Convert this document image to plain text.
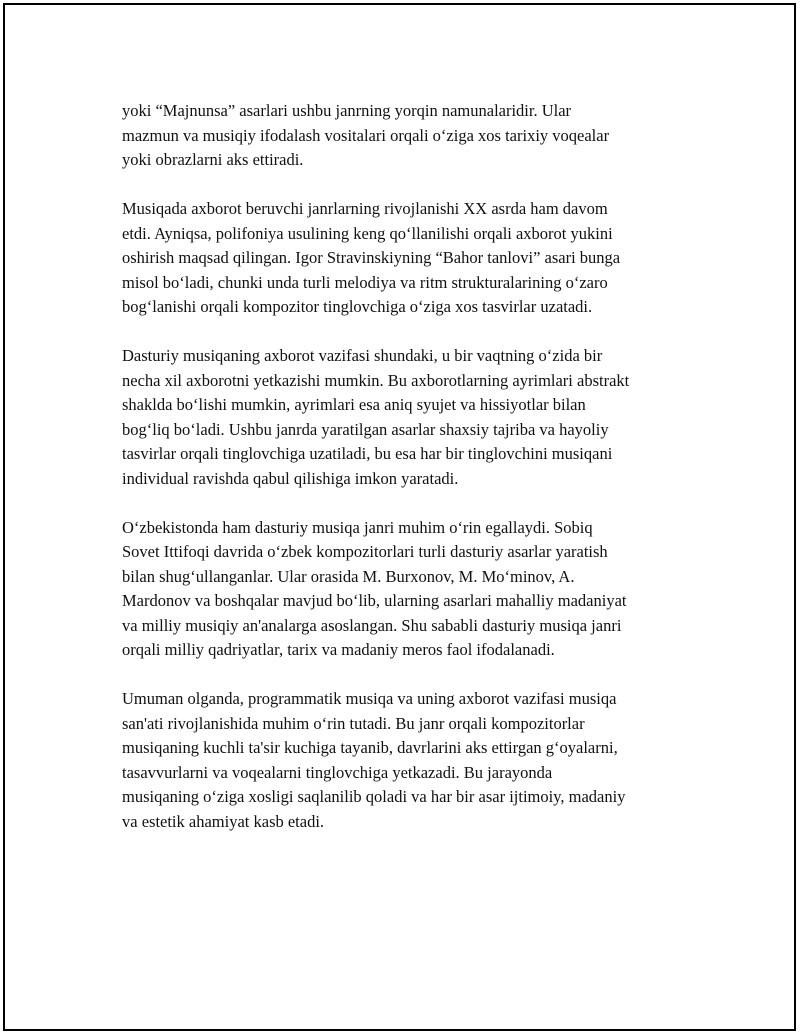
yoki “Majnunsa” asarlari ushbu janrning yorqin namunalaridir. Ular
mazmun va musiqiy ifodalash vositalari orqali o‘ziga xos tarixiy voqealar
yoki obrazlarni aks ettiradi.

Musiqada axborot beruvchi janrlarning rivojlanishi XX asrda ham davom
etdi. Ayniqsa, polifoniya usulining keng qo‘llanilishi orqali axborot yukini
oshirish maqsad qilingan. Igor Stravinskiyning “Bahor tanlovi” asari bunga
misol bo‘ladi, chunki unda turli melodiya va ritm strukturalarining o‘zaro
bog‘lanishi orqali kompozitor tinglovchiga o‘ziga xos tasvirlar uzatadi.

Dasturiy musiqaning axborot vazifasi shundaki, u bir vaqtning o‘zida bir
necha xil axborotni yetkazishi mumkin. Bu axborotlarning ayrimlari abstrakt
shaklda bo‘lishi mumkin, ayrimlari esa aniq syujet va hissiyotlar bilan
bog‘liq bo‘ladi. Ushbu janrda yaratilgan asarlar shaxsiy tajriba va hayoliy
tasvirlar orqali tinglovchiga uzatiladi, bu esa har bir tinglovchini musiqani
individual ravishda qabul qilishiga imkon yaratadi.

O‘zbekistonda ham dasturiy musiqa janri muhim o‘rin egallaydi. Sobiq
Sovet Ittifoqi davrida o‘zbek kompozitorlari turli dasturiy asarlar yaratish
bilan shug‘ullanganlar. Ular orasida M. Burxonov, M. Mo‘minov, A.
Mardonov va boshqalar mavjud bo‘lib, ularning asarlari mahalliy madaniyat
va milliy musiqiy an'analarga asoslangan. Shu sababli dasturiy musiqa janri
orqali milliy qadriyatlar, tarix va madaniy meros faol ifodalanadi.

Umuman olganda, programmatik musiqa va uning axborot vazifasi musiqa
san'ati rivojlanishida muhim o‘rin tutadi. Bu janr orqali kompozitorlar
musiqaning kuchli ta'sir kuchiga tayanib, davrlarini aks ettirgan g‘oyalarni,
tasavvurlarni va voqealarni tinglovchiga yetkazadi. Bu jarayonda
musiqaning o‘ziga xosligi saqlanilib qoladi va har bir asar ijtimoiy, madaniy
va estetik ahamiyat kasb etadi.
